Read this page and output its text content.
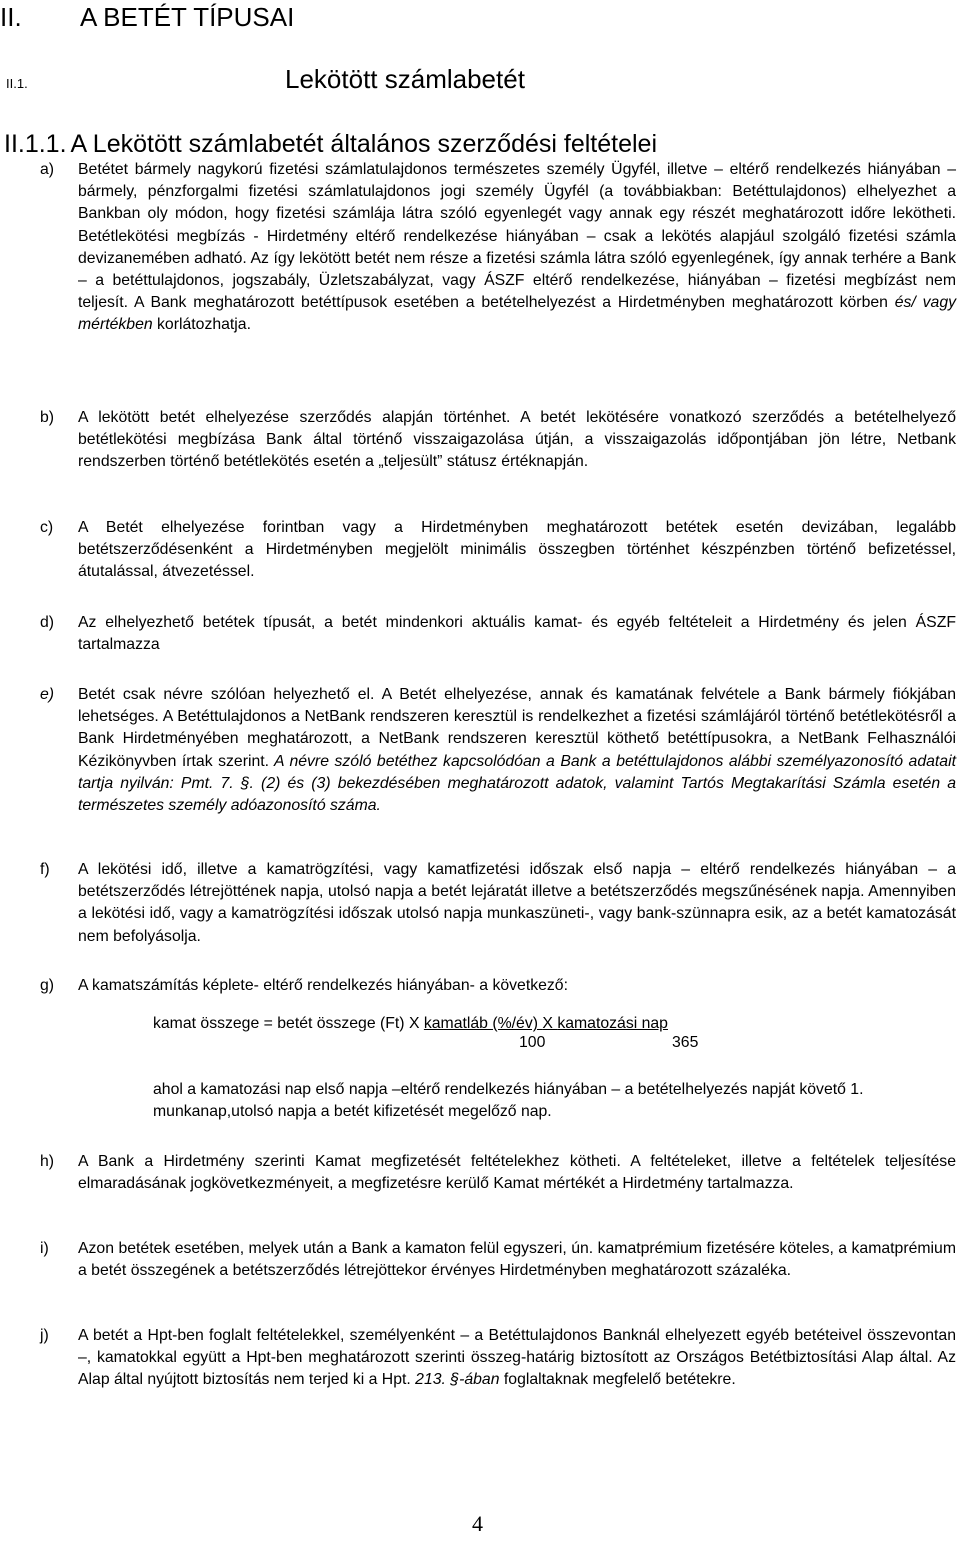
II. A BETÉT TÍPUSAI
II.1.	Lekötött számlabetét
II.1.1. A Lekötött számlabetét általános szerződési feltételei
a) Betétet bármely nagykorú fizetési számlatulajdonos természetes személy Ügyfél, illetve – eltérő rendelkezés hiányában – bármely, pénzforgalmi fizetési számlatulajdonos jogi személy Ügyfél (a továbbiakban: Betéttulajdonos) elhelyezhet a Bankban oly módon, hogy fizetési számlája látra szóló egyenlegét vagy annak egy részét meghatározott időre lekötheti. Betétlekötési megbízás - Hirdetmény eltérő rendelkezése hiányában – csak a lekötés alapjául szolgáló fizetési számla devizanemében adható. Az így lekötött betét nem része a fizetési számla látra szóló egyenlegének, így annak terhére a Bank – a betéttulajdonos, jogszabály, Üzletszabályzat, vagy ÁSZF eltérő rendelkezése, hiányában – fizetési megbízást nem teljesít. A Bank meghatározott betéttípusok esetében a betételhelyezést a Hirdetményben meghatározott körben és/ vagy mértékben korlátozhatja.

b) A lekötött betét elhelyezése szerződés alapján történhet. A betét lekötésére vonatkozó szerződés a betételhelyező betétlekötési megbízása Bank által történő visszaigazolása útján, a visszaigazolás időpontjában jön létre, Netbank rendszerben történő betétlekötés esetén a „teljesült” státusz értéknapján.

c) A Betét elhelyezése forintban vagy a Hirdetményben meghatározott betétek esetén devizában, legalább betétszerződésenként a Hirdetményben megjelölt minimális összegben történhet készpénzben történő befizetéssel, átutalással, átvezetéssel.

d) Az elhelyezhető betétek típusát, a betét mindenkori aktuális kamat- és egyéb feltételeit a Hirdetmény és jelen ÁSZF tartalmazza

e) Betét csak névre szólóan helyezhető el. A Betét elhelyezése, annak és kamatának felvétele a Bank bármely fiókjában lehetséges. A Betéttulajdonos a NetBank rendszeren keresztül is rendelkezhet a fizetési számlájáról történő betétlekötésről a Bank Hirdetményében meghatározott, a NetBank rendszeren keresztül köthető betéttípusokra, a NetBank Felhasználói Kézikönyvben írtak szerint. A névre szóló betéthez kapcsolódóan a Bank a betéttulajdonos alábbi személyazonosító adatait tartja nyilván: Pmt. 7. §. (2) és (3) bekezdésében meghatározott adatok, valamint Tartós Megtakarítási Számla esetén a természetes személy adóazonosító száma.

f) A lekötési idő, illetve a kamatrögzítési, vagy kamatfizetési időszak első napja – eltérő rendelkezés hiányában – a betétszerződés létrejöttének napja, utolsó napja a betét lejáratát illetve a betétszerződés megszűnésének napja. Amennyiben a lekötési idő, vagy a kamatrögzítési időszak utolsó napja munkaszüneti-, vagy bank-szünnapra esik, az a betét kamatozását nem befolyásolja.

g) A kamatszámítás képlete- eltérő rendelkezés hiányában- a következő:

kamat összege = betét összege (Ft) X kamatláb (%/év) X kamatozási nap
100	365
ahol a kamatozási nap első napja –eltérő rendelkezés hiányában – a betételhelyezés napját követő 1. munkanap,utolsó napja a betét kifizetését megelőző nap.
h) A Bank a Hirdetmény szerinti Kamat megfizetését feltételekhez kötheti. A feltételeket, illetve a feltételek teljesítése elmaradásának jogkövetkezményeit, a megfizetésre kerülő Kamat mértékét a Hirdetmény tartalmazza.

i) Azon betétek esetében, melyek után a Bank a kamaton felül egyszeri, ún. kamatprémium fizetésére köteles, a kamatprémium a betét összegének a betétszerződés létrejöttekor érvényes Hirdetményben meghatározott százaléka.

j) A betét a Hpt-ben foglalt feltételekkel, személyenként – a Betéttulajdonos Banknál elhelyezett egyéb betéteivel összevontan –, kamatokkal együtt a Hpt-ben meghatározott szerinti összeg-határig biztosított az Országos Betétbiztosítási Alap által. Az Alap által nyújtott biztosítás nem terjed ki a Hpt. 213. §-ában foglaltaknak megfelelő betétekre.

4
